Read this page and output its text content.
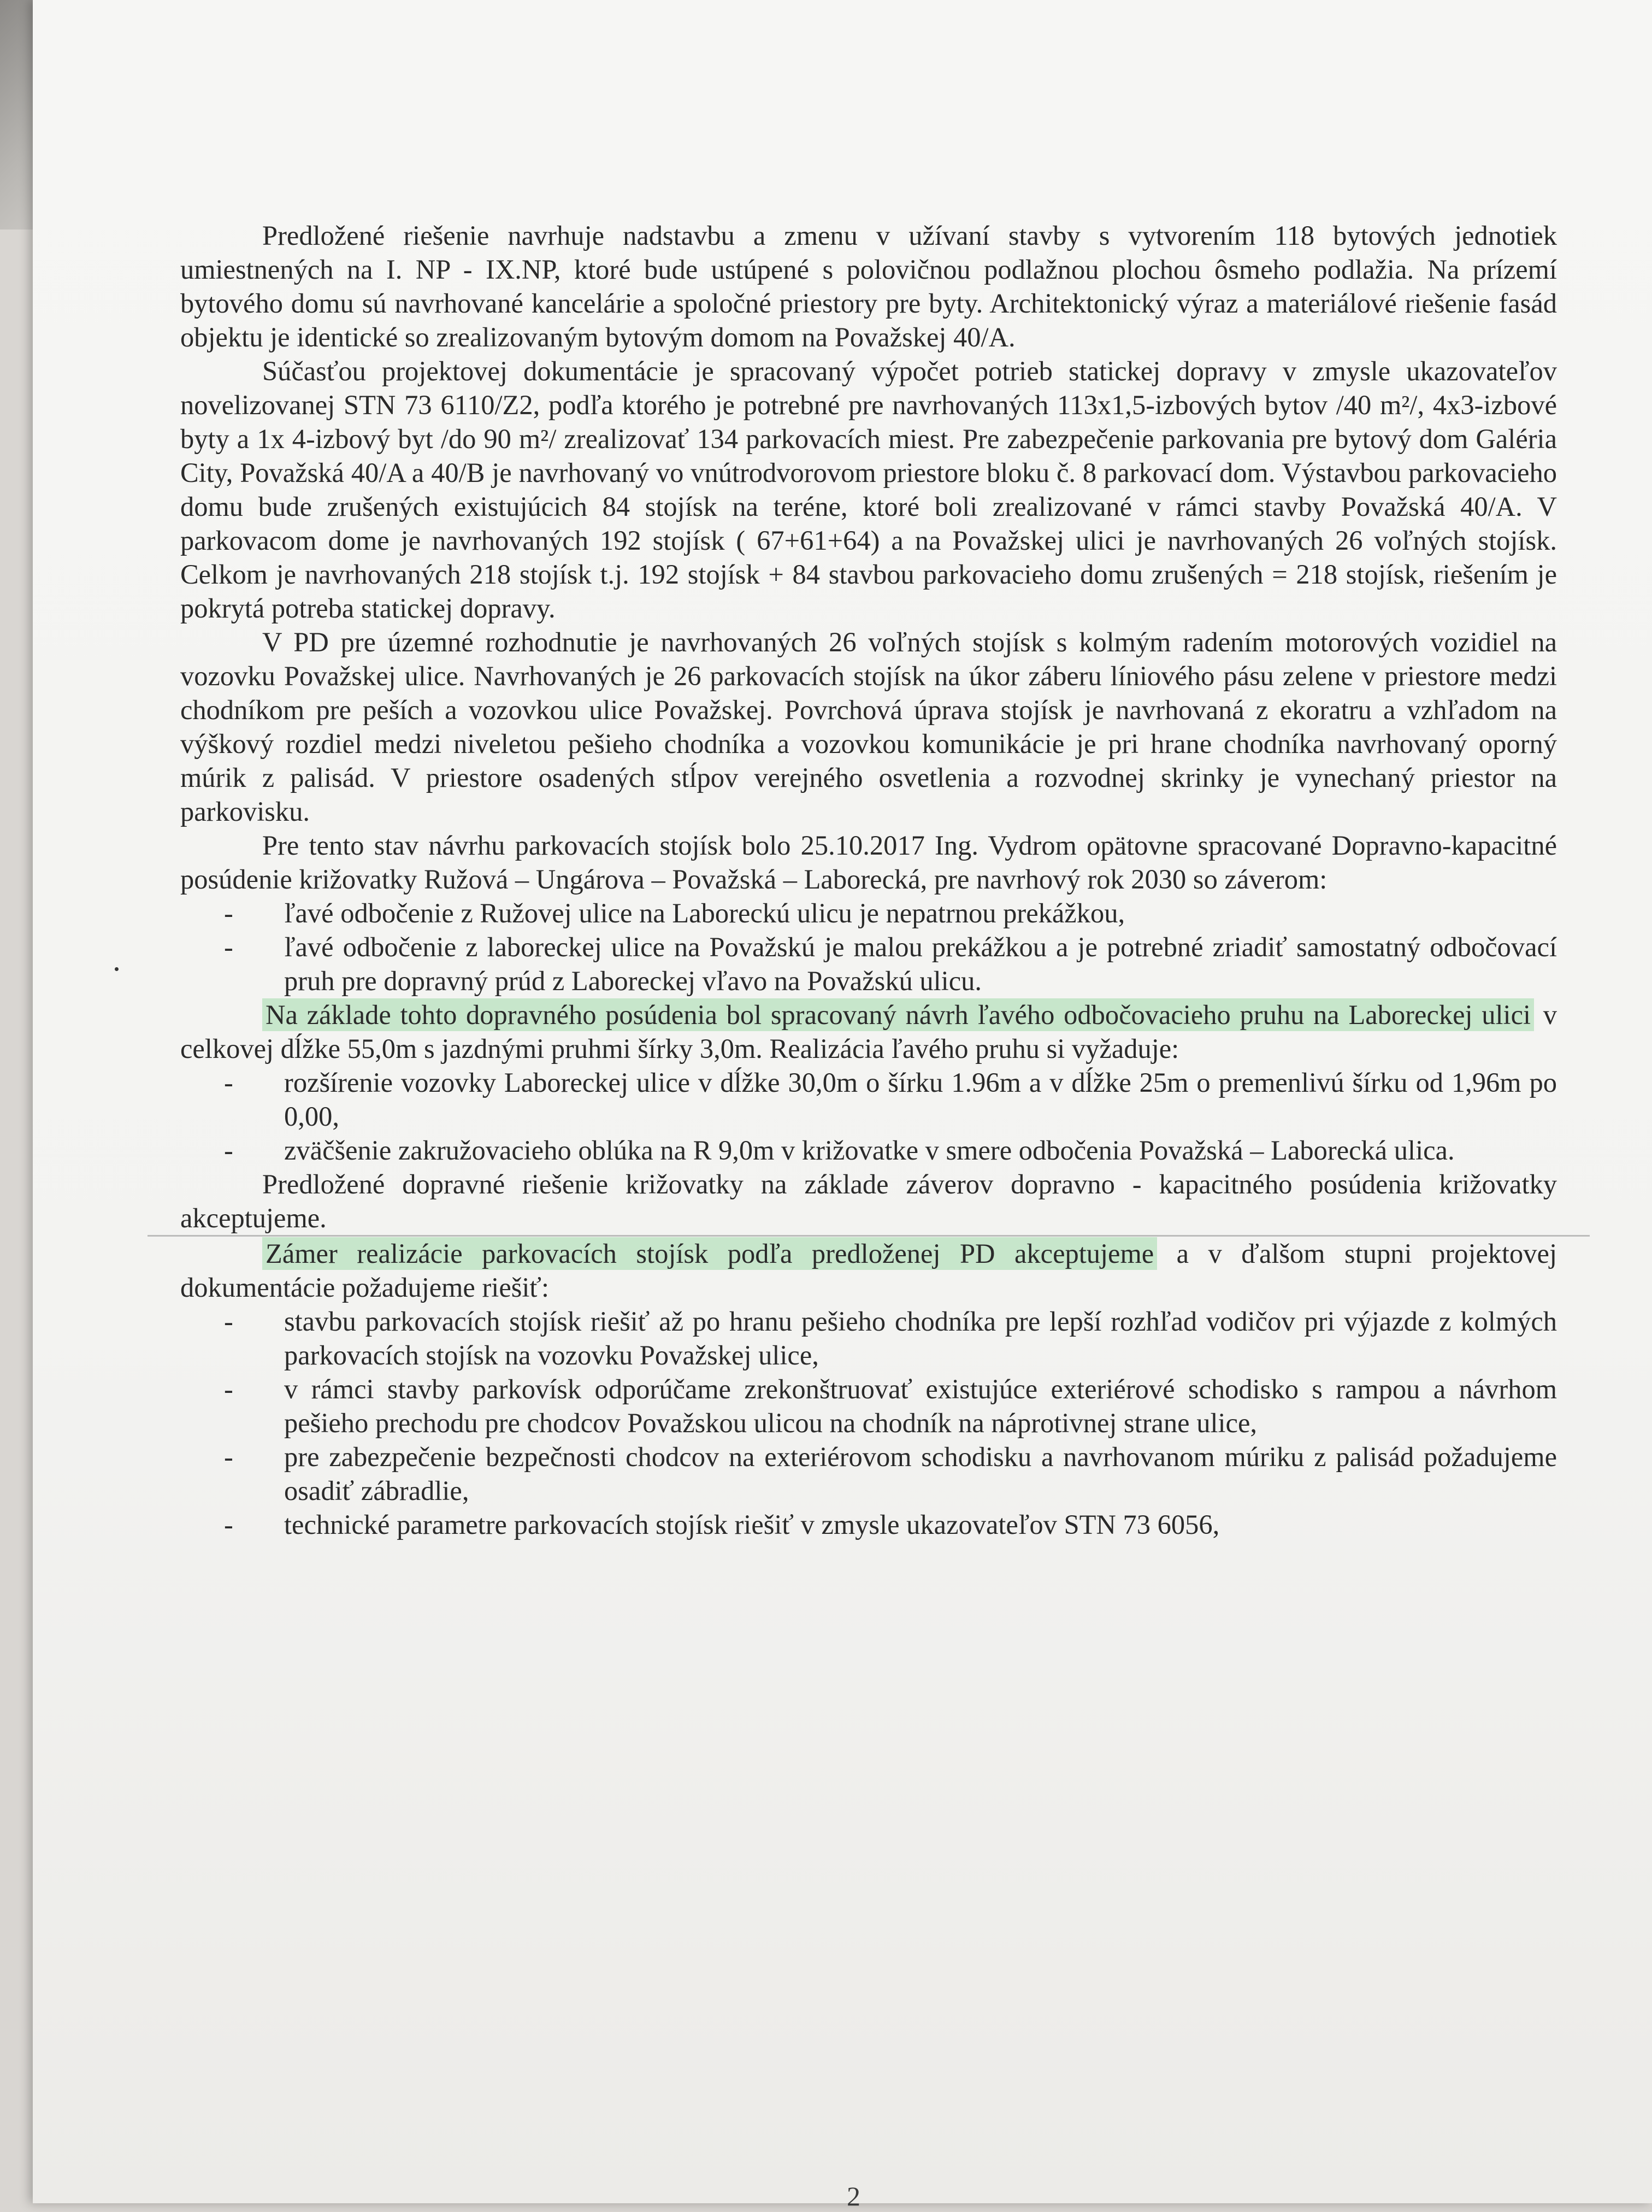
Predložené riešenie navrhuje nadstavbu a zmenu v užívaní stavby s vytvorením 118 bytových jednotiek umiestnených na I. NP - IX.NP, ktoré bude ustúpené s polovičnou podlažnou plochou ôsmeho podlažia. Na prízemí bytového domu sú navrhované kancelárie a spoločné priestory pre byty. Architektonický výraz a materiálové riešenie fasád objektu je identické so zrealizovaným bytovým domom na Považskej 40/A.

Súčasťou projektovej dokumentácie je spracovaný výpočet potrieb statickej dopravy v zmysle ukazovateľov novelizovanej STN 73 6110/Z2, podľa ktorého je potrebné pre navrhovaných 113x1,5-izbových bytov /40 m²/, 4x3-izbové byty a 1x 4-izbový byt /do 90 m²/ zrealizovať 134 parkovacích miest. Pre zabezpečenie parkovania pre bytový dom Galéria City, Považská 40/A a 40/B je navrhovaný vo vnútrodvorovom priestore bloku č. 8 parkovací dom. Výstavbou parkovacieho domu bude zrušených existujúcich 84 stojísk na teréne, ktoré boli zrealizované v rámci stavby Považská 40/A. V parkovacom dome je navrhovaných 192 stojísk ( 67+61+64) a na Považskej ulici je navrhovaných 26 voľných stojísk. Celkom je navrhovaných 218 stojísk t.j. 192 stojísk + 84 stavbou parkovacieho domu zrušených = 218 stojísk, riešením je pokrytá potreba statickej dopravy.

V PD pre územné rozhodnutie je navrhovaných 26 voľných stojísk s kolmým radením motorových vozidiel na vozovku Považskej ulice. Navrhovaných je 26 parkovacích stojísk na úkor záberu líniového pásu zelene v priestore medzi chodníkom pre peších a vozovkou ulice Považskej. Povrchová úprava stojísk je navrhovaná z ekoratru a vzhľadom na výškový rozdiel medzi niveletou pešieho chodníka a vozovkou komunikácie je pri hrane chodníka navrhovaný oporný múrik z palisád. V priestore osadených stĺpov verejného osvetlenia a rozvodnej skrinky je vynechaný priestor na parkovisku.

Pre tento stav návrhu parkovacích stojísk bolo 25.10.2017 Ing. Vydrom opätovne spracované Dopravno-kapacitné posúdenie križovatky Ružová – Ungárova – Považská – Laborecká, pre navrhový rok 2030 so záverom:

- ľavé odbočenie z Ružovej ulice na Laboreckú ulicu je nepatrnou prekážkou,
- ľavé odbočenie z laboreckej ulice na Považskú je malou prekážkou a je potrebné zriadiť samostatný odbočovací pruh pre dopravný prúd z Laboreckej vľavo na Považskú ulicu.

Na základe tohto dopravného posúdenia bol spracovaný návrh ľavého odbočovacieho pruhu na Laboreckej ulici v celkovej dĺžke 55,0m s jazdnými pruhmi šírky 3,0m. Realizácia ľavého pruhu si vyžaduje:

- rozšírenie vozovky Laboreckej ulice v dĺžke 30,0m o šírku 1.96m a v dĺžke 25m o premenlivú šírku od 1,96m po 0,00,
- zväčšenie zakružovacieho oblúka na R 9,0m v križovatke v smere odbočenia Považská – Laborecká ulica.

Predložené dopravné riešenie križovatky na základe záverov dopravno - kapacitného posúdenia križovatky akceptujeme.

Zámer realizácie parkovacích stojísk podľa predloženej PD akceptujeme a v ďalšom stupni projektovej dokumentácie požadujeme riešiť:

- stavbu parkovacích stojísk riešiť až po hranu pešieho chodníka pre lepší rozhľad vodičov pri výjazde z kolmých parkovacích stojísk na vozovku Považskej ulice,
- v rámci stavby parkovísk odporúčame zrekonštruovať existujúce exteriérové schodisko s rampou a návrhom pešieho prechodu pre chodcov Považskou ulicou na chodník na náprotivnej strane ulice,
- pre zabezpečenie bezpečnosti chodcov na exteriérovom schodisku a navrhovanom múriku z palisád požadujeme osadiť zábradlie,
- technické parametre parkovacích stojísk riešiť v zmysle ukazovateľov STN 73 6056,
2
